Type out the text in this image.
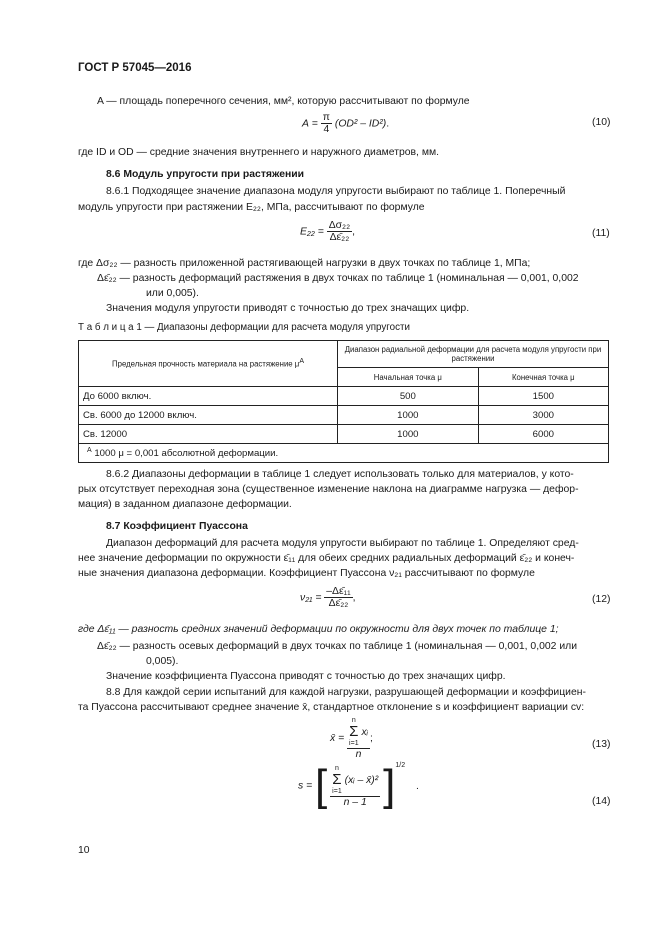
ГОСТ Р 57045—2016
A — площадь поперечного сечения, мм², которую рассчитывают по формуле
$A = \frac{\pi}{4} (OD^2 - ID^2)$.	(10)
где ID и OD — средние значения внутреннего и наружного диаметров, мм.
8.6 Модуль упругости при растяжении
8.6.1 Подходящее значение диапазона модуля упругости выбирают по таблице 1. Поперечный
модуль упругости при растяжении E₂₂, МПа, рассчитывают по формуле
$E_{22} = \frac{\text{Δσ₂₂}}{\text{Δε̄₂₂}}$ ,	(11)
где Δσ₂₂ — разность приложенной растягивающей нагрузки в двух точках по таблице 1, МПа;
Δε̄₂₂ — разность деформаций растяжения в двух точках по таблице 1 (номинальная — 0,001, 0,002
или 0,005).
Значения модуля упругости приводят с точностью до трех значащих цифр.
Т а б л и ц а 1 — Диапазоны деформации для расчета модуля упругости
Предельная прочность материала на растяжение $\mu^A$	Диапазон радиальной деформации для расчета модуля упругости при растяжении	
	Начальная точка μ	Конечная точка μ
До 6000 включ.	500	1500
Св. 6000 до 12000 включ.	1000	3000
Св. 12000	1000	6000
$^A$ 1000 μ = 0,001 абсолютной деформации.		
8.6.2 Диапазоны деформации в таблице 1 следует использовать только для материалов, у кото-
рых отсутствует переходная зона (существенное изменение наклона на диаграмме нагрузка — дефор-
мация) в заданном диапазоне деформации.
8.7 Коэффициент Пуассона
Диапазон деформаций для расчета модуля упругости выбирают по таблице 1. Определяют сред-
нее значение деформации по окружности ε̄₁₁ для обеих средних радиальных деформаций ε̄₂₂ и конеч-
ные значения диапазона деформации. Коэффициент Пуассона ν₂₁ рассчитывают по формуле
$\nu_{21} = \frac{\text{–Δε̄₁₁}}{\text{Δε̄₂₂}}$ ,	(12)
где Δε̄₁₁ — разность средних значений деформации по окружности для двух точек по таблице 1;
Δε̄₂₂ — разность осевых деформаций в двух точках по таблице 1 (номинальная — 0,001, 0,002 или
0,005).
Значение коэффициента Пуассона приводят с точностью до трех значащих цифр.
8.8 Для каждой серии испытаний для каждой нагрузки, разрушающей деформации и коэффициен-
та Пуассона рассчитывают среднее значение x̄, стандартное отклонение s и коэффициент вариации cv:
x̄ = n
Σ
i=1
xᵢ
n ;
(13)
s = [ n
Σ
i=1
(xᵢ – x̄)²
n – 1 ]$^{1/2}$ .
(14)
10
